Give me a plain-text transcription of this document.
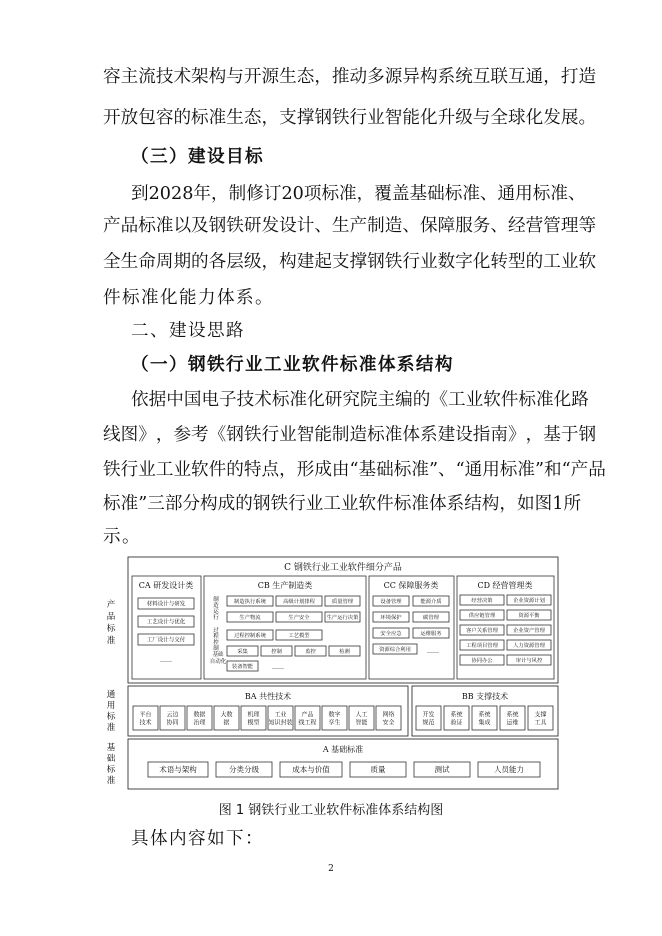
容 主 流 技 术 架 构 与 开 源 生 态 ， 推 动 多 源 异 构 系 统 互 联 互 通 ， 打 造
开 放 包 容 的 标 准 生 态 ， 支 撑 钢 铁 行 业 智 能 化 升 级 与 全 球 化 发 展 。
（三）建设目标
到 2028 年 ， 制 修 订 20 项 标 准 ， 覆 盖 基 础 标 准 、 通 用 标 准 、
产 品 标 准 以 及 钢 铁 研 发 设 计 、 生 产 制 造 、 保 障 服 务 、 经 营 管 理 等
全 生 命 周 期 的 各 层 级 ， 构 建 起 支 撑 钢 铁 行 业 数 字 化 转 型 的 工 业 软
件标准化能力体系。
二、建设思路
（一）钢铁行业工业软件标准体系结构
依 据 中 国 电 子 技 术 标 准 化 研 究 院 主 编 的 《 工 业 软 件 标 准 化 路
线 图 》 ， 参 考 《 钢 铁 行 业 智 能 制 造 标 准 体 系 建 设 指 南 》 ， 基 于 钢
铁 行 业 工 业 软 件 的 特 点 ， 形 成 由 “ 基 础 标 准 ” 、 “ 通 用 标 准 ” 和 “ 产 品
标 准 ” 三 部 分 构 成 的 钢 铁 行 业 工 业 软 件 标 准 体 系 结 构 ， 如 图 1 所
示。
产
品
标
准
通
用
标
准
基
础
标
准
C 钢铁行业工业软件细分产品
CA 研发设计类
材料设计与研发
工艺设计与优化
工厂设计与交付
……
CB 生产制造类
制
造
运
行
过
程
控
制
基础
自动化
制造执行系统	高级计划排程	质量管理
生产物流	生产安全	生产运行决策
过程控制系统	工艺模型
采集	控制	监控	检测
装备智能	……
CC 保障服务类
设备管理	能源介质
环境保护	碳管理
安全应急	运维服务
资源综合利用	……
CD 经营管理类
经营决策	企业资源计划
供应链管理	资源平衡
客户关系管理	企业资产管理
工程项目管理	人力资源管理
协同办公	审计与风控
BA 共性技术
平台
技术
云边
协同
数据
治理
大数
据
机理
模型
工业
知识封装
产品
线工程
数字
孪生
人工
智能
网络
安全
BB 支撑技术
开发
规范
系统
验证
系统
集成
系统
运维
支撑
工具
A 基础标准
术语与架构	分类分级	成本与价值	质量	测试	人员能力
图 1 钢铁行业工业软件标准体系结构图
具体内容如下：
2
